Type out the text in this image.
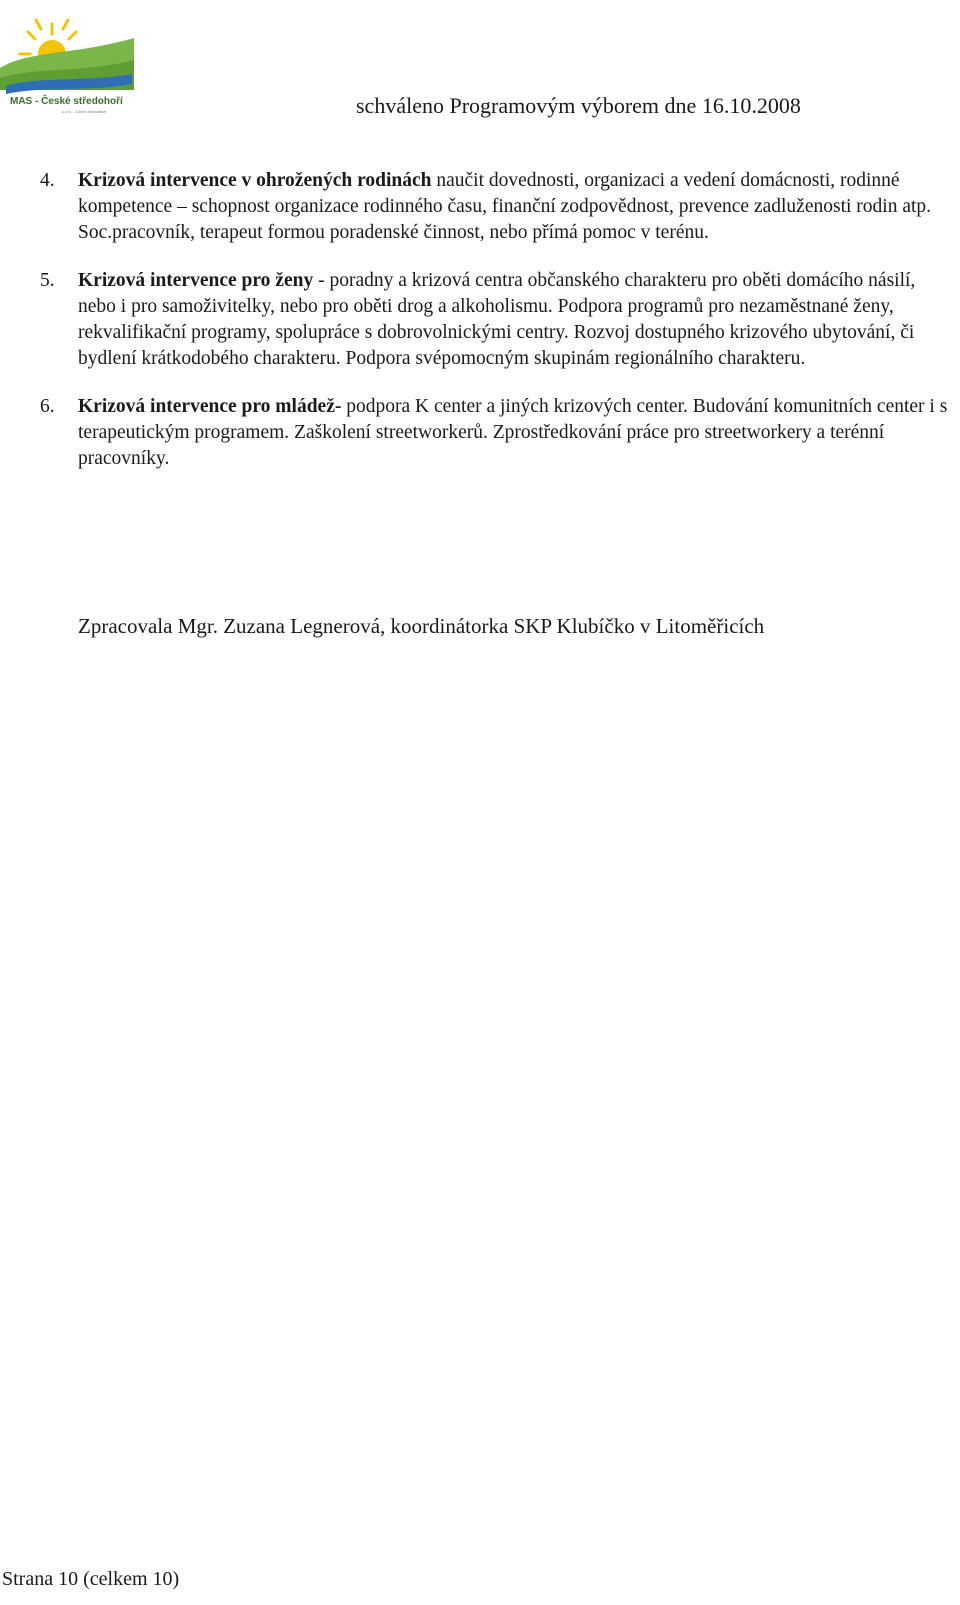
MAS - České středohoří
o.p.s. - Czech Innovation	schváleno Programovým výborem dne 16.10.2008
4. Krizová intervence v ohrožených rodinách naučit dovednosti, organizaci a vedení domácnosti, rodinné kompetence – schopnost organizace rodinného času, finanční zodpovědnost, prevence zadluženosti rodin atp. Soc.pracovník, terapeut formou poradenské činnost, nebo přímá pomoc v terénu.
5. Krizová intervence pro ženy - poradny a krizová centra občanského charakteru pro oběti domácího násilí, nebo i pro samoživitelky, nebo pro oběti drog a alkoholismu. Podpora programů pro nezaměstnané ženy, rekvalifikační programy, spolupráce s dobrovolnickými centry. Rozvoj dostupného krizového ubytování, či bydlení krátkodobého charakteru. Podpora svépomocným skupinám regionálního charakteru.
6. Krizová intervence pro mládež- podpora K center a jiných krizových center. Budování komunitních center i s terapeutickým programem. Zaškolení streetworkerů. Zprostředkování práce pro streetworkery a terénní pracovníky.
Zpracovala Mgr. Zuzana Legnerová, koordinátorka SKP Klubíčko v Litoměřicích
Strana 10 (celkem 10)
